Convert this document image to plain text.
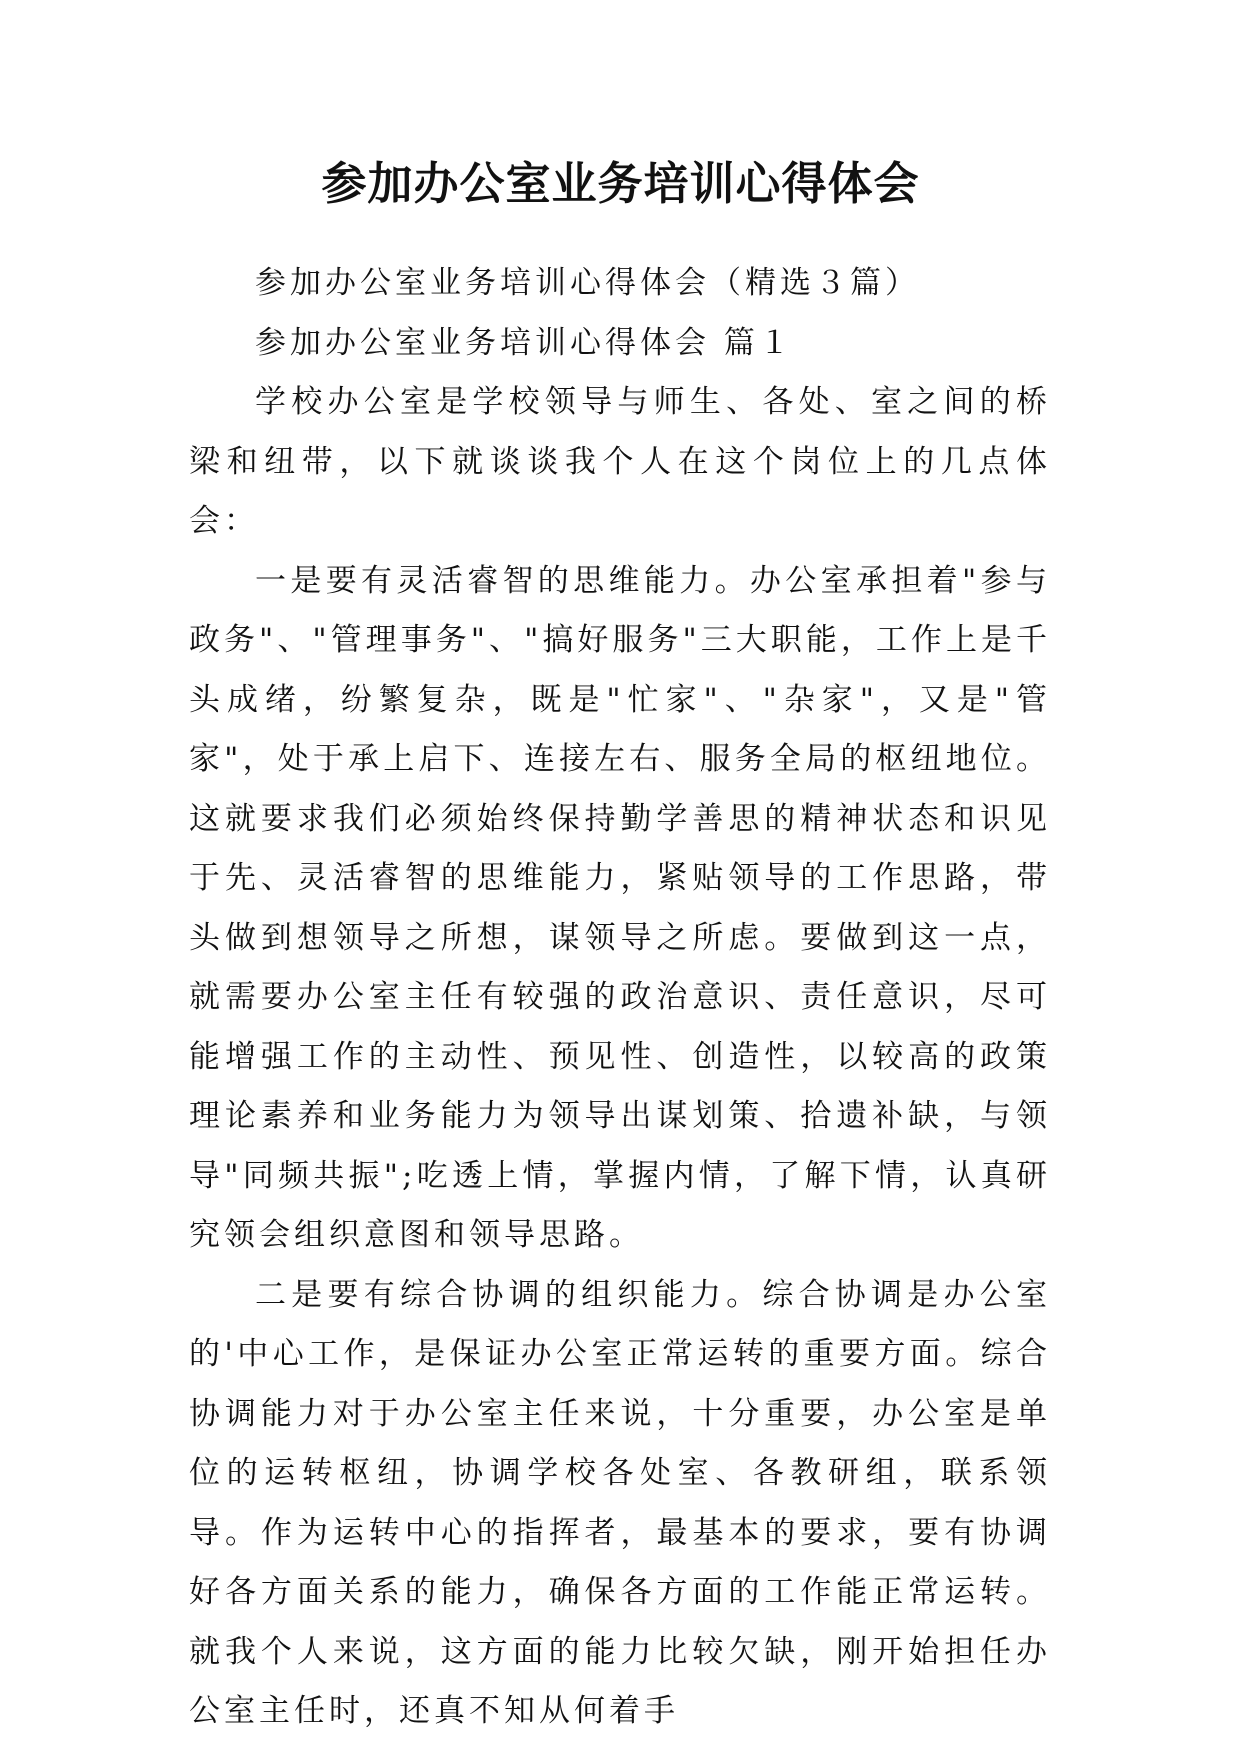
参加办公室业务培训心得体会

参加办公室业务培训心得体会（精选３篇）

参加办公室业务培训心得体会 篇１

学校办公室是学校领导与师生、各处、室之间的桥梁和纽带，以下就谈谈我个人在这个岗位上的几点体会：

一是要有灵活睿智的思维能力。办公室承担着"参与政务"、"管理事务"、"搞好服务"三大职能，工作上是千头成绪，纷繁复杂，既是"忙家"、"杂家"，又是"管家"，处于承上启下、连接左右、服务全局的枢纽地位。这就要求我们必须始终保持勤学善思的精神状态和识见于先、灵活睿智的思维能力，紧贴领导的工作思路，带头做到想领导之所想，谋领导之所虑。要做到这一点，就需要办公室主任有较强的政治意识、责任意识，尽可能增强工作的主动性、预见性、创造性，以较高的政策理论素养和业务能力为领导出谋划策、拾遗补缺，与领导"同频共振";吃透上情，掌握内情，了解下情，认真研究领会组织意图和领导思路。

二是要有综合协调的组织能力。综合协调是办公室的'中心工作，是保证办公室正常运转的重要方面。综合协调能力对于办公室主任来说，十分重要，办公室是单位的运转枢纽，协调学校各处室、各教研组，联系领导。作为运转中心的指挥者，最基本的要求，要有协调好各方面关系的能力，确保各方面的工作能正常运转。就我个人来说，这方面的能力比较欠缺，刚开始担任办公室主任时，还真不知从何着手
